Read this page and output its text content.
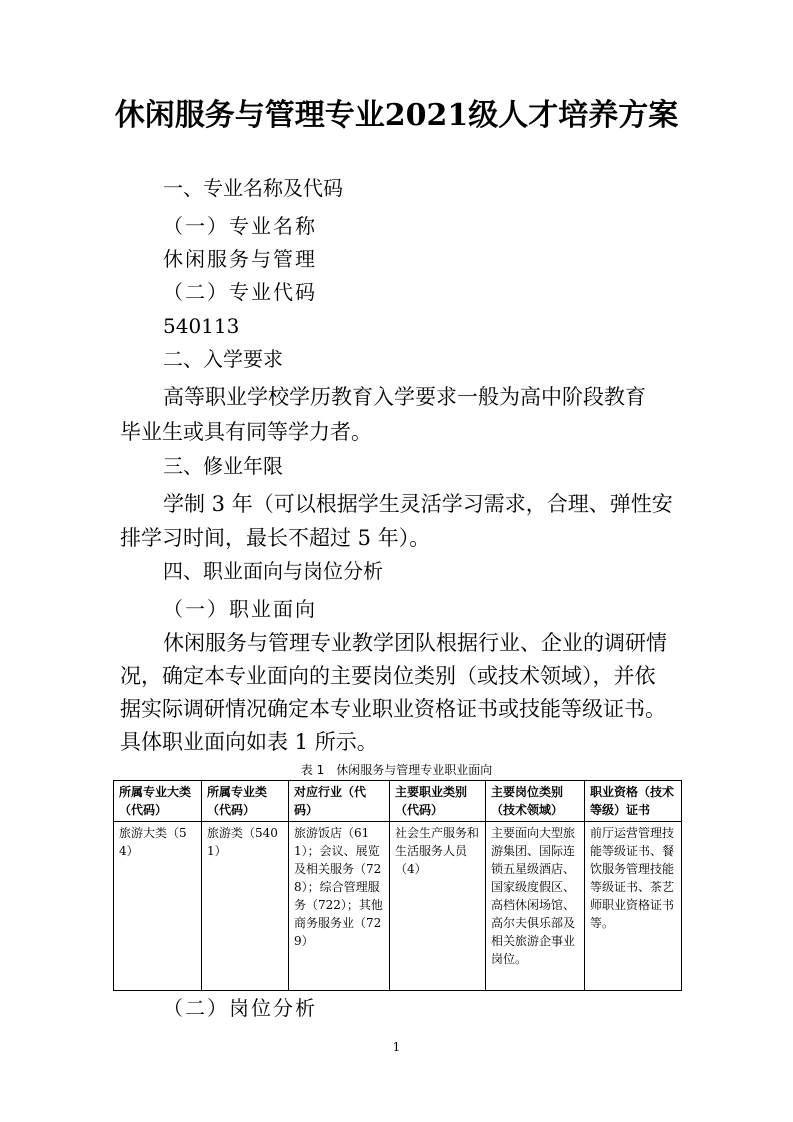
休闲服务与管理专业2021级人才培养方案
一、专业名称及代码
（一）专业名称
休闲服务与管理
（二）专业代码
540113
二、入学要求
高等职业学校学历教育入学要求一般为高中阶段教育
毕业生或具有同等学力者。
三、修业年限
学制 3 年（可以根据学生灵活学习需求，合理、弹性安
排学习时间，最长不超过 5 年）。
四、职业面向与岗位分析
（一）职业面向
休闲服务与管理专业教学团队根据行业、企业的调研情
况，确定本专业面向的主要岗位类别（或技术领域），并依
据实际调研情况确定本专业职业资格证书或技能等级证书。
具体职业面向如表 1 所示。
表 1　休闲服务与管理专业职业面向
所属专业大类（代码）	所属专业类（代码）	对应行业（代码）	主要职业类别（代码）	主要岗位类别（技术领域）	职业资格（技术等级）证书
旅游大类（54）	旅游类（5401）	旅游饭店（611）；会议、展览及相关服务（728）；综合管理服务（722）；其他商务服务业（729）	社会生产服务和生活服务人员（4）	主要面向大型旅游集团、国际连锁五星级酒店、国家级度假区、高档休闲场馆、高尔夫俱乐部及相关旅游企事业岗位。	前厅运营管理技能等级证书、餐饮服务管理技能等级证书、茶艺师职业资格证书等。
（二）岗位分析
1
